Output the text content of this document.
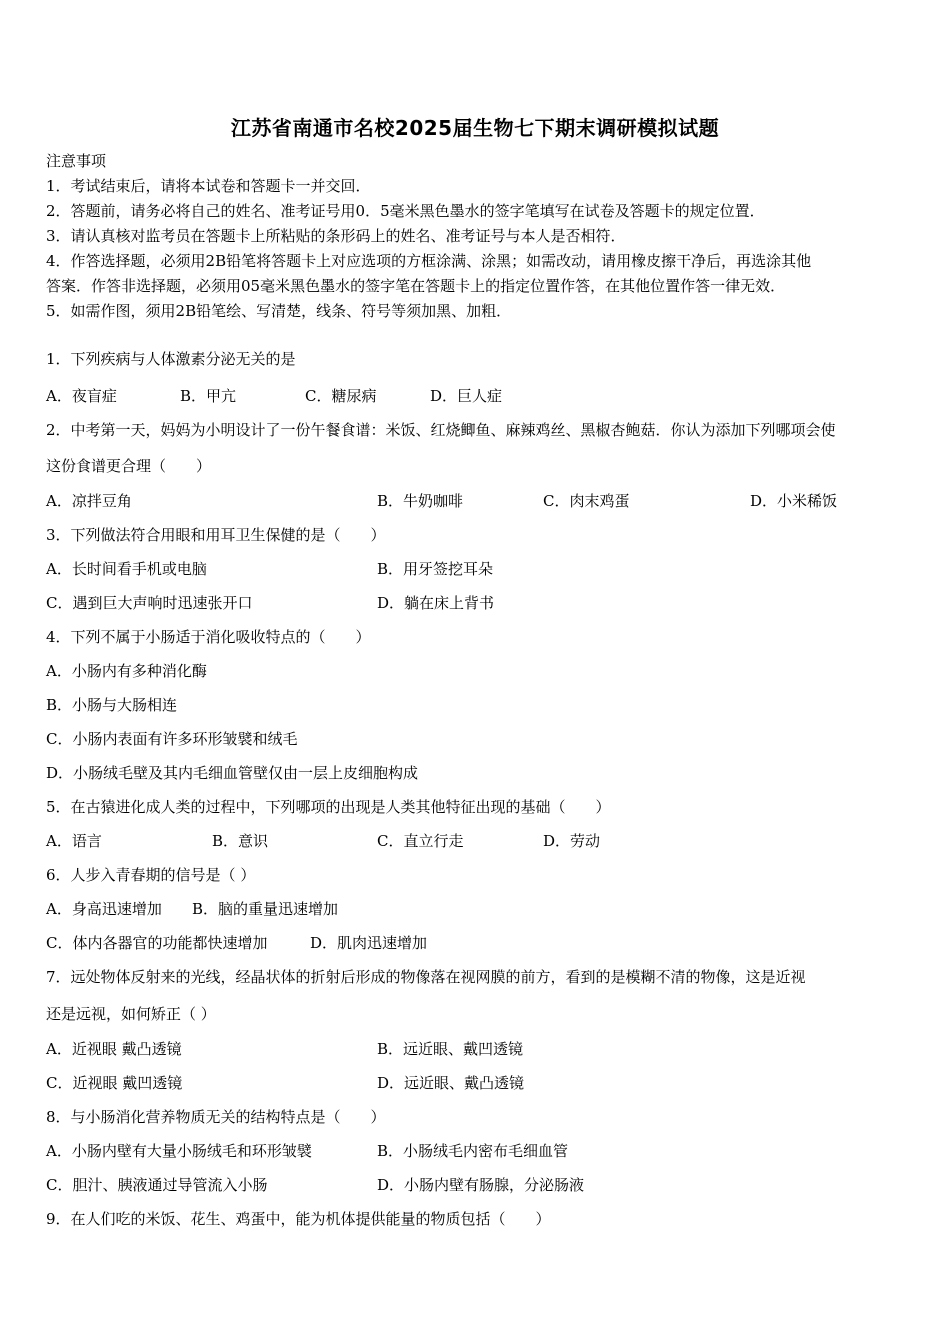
江苏省南通市名校2025届生物七下期末调研模拟试题
注意事项
1．考试结束后，请将本试卷和答题卡一并交回．
2．答题前，请务必将自己的姓名、准考证号用0．5毫米黑色墨水的签字笔填写在试卷及答题卡的规定位置．
3．请认真核对监考员在答题卡上所粘贴的条形码上的姓名、准考证号与本人是否相符．
4．作答选择题，必须用2B铅笔将答题卡上对应选项的方框涂满、涂黑；如需改动，请用橡皮擦干净后，再选涂其他
答案．作答非选择题，必须用05毫米黑色墨水的签字笔在答题卡上的指定位置作答，在其他位置作答一律无效．
5．如需作图，须用2B铅笔绘、写清楚，线条、符号等须加黑、加粗．
1．下列疾病与人体激素分泌无关的是
A．夜盲症	B．甲亢	C．糖尿病	D．巨人症
2．中考第一天，妈妈为小明设计了一份午餐食谱：米饭、红烧鲫鱼、麻辣鸡丝、黑椒杏鲍菇．你认为添加下列哪项会使
这份食谱更合理（　　）
A．凉拌豆角	B．牛奶咖啡	C．肉末鸡蛋	D．小米稀饭
3．下列做法符合用眼和用耳卫生保健的是（　　）
A．长时间看手机或电脑	B．用牙签挖耳朵
C．遇到巨大声响时迅速张开口	D．躺在床上背书
4．下列不属于小肠适于消化吸收特点的（　　）
A．小肠内有多种消化酶
B．小肠与大肠相连
C．小肠内表面有许多环形皱襞和绒毛
D．小肠绒毛壁及其内毛细血管壁仅由一层上皮细胞构成
5．在古猿进化成人类的过程中，下列哪项的出现是人类其他特征出现的基础（　　）
A．语言	B．意识	C．直立行走	D．劳动
6．人步入青春期的信号是（ ）
A．身高迅速增加 B．脑的重量迅速增加
C．体内各器官的功能都快速增加	D．肌肉迅速增加
7．远处物体反射来的光线，经晶状体的折射后形成的物像落在视网膜的前方，看到的是模糊不清的物像，这是近视
还是远视，如何矫正（ ）
A．近视眼 戴凸透镜	B．远近眼、戴凹透镜
C．近视眼 戴凹透镜	D．远近眼、戴凸透镜
8．与小肠消化营养物质无关的结构特点是（　　）
A．小肠内壁有大量小肠绒毛和环形皱襞	B．小肠绒毛内密布毛细血管
C．胆汁、胰液通过导管流入小肠	D．小肠内壁有肠腺，分泌肠液
9．在人们吃的米饭、花生、鸡蛋中，能为机体提供能量的物质包括（　　）
